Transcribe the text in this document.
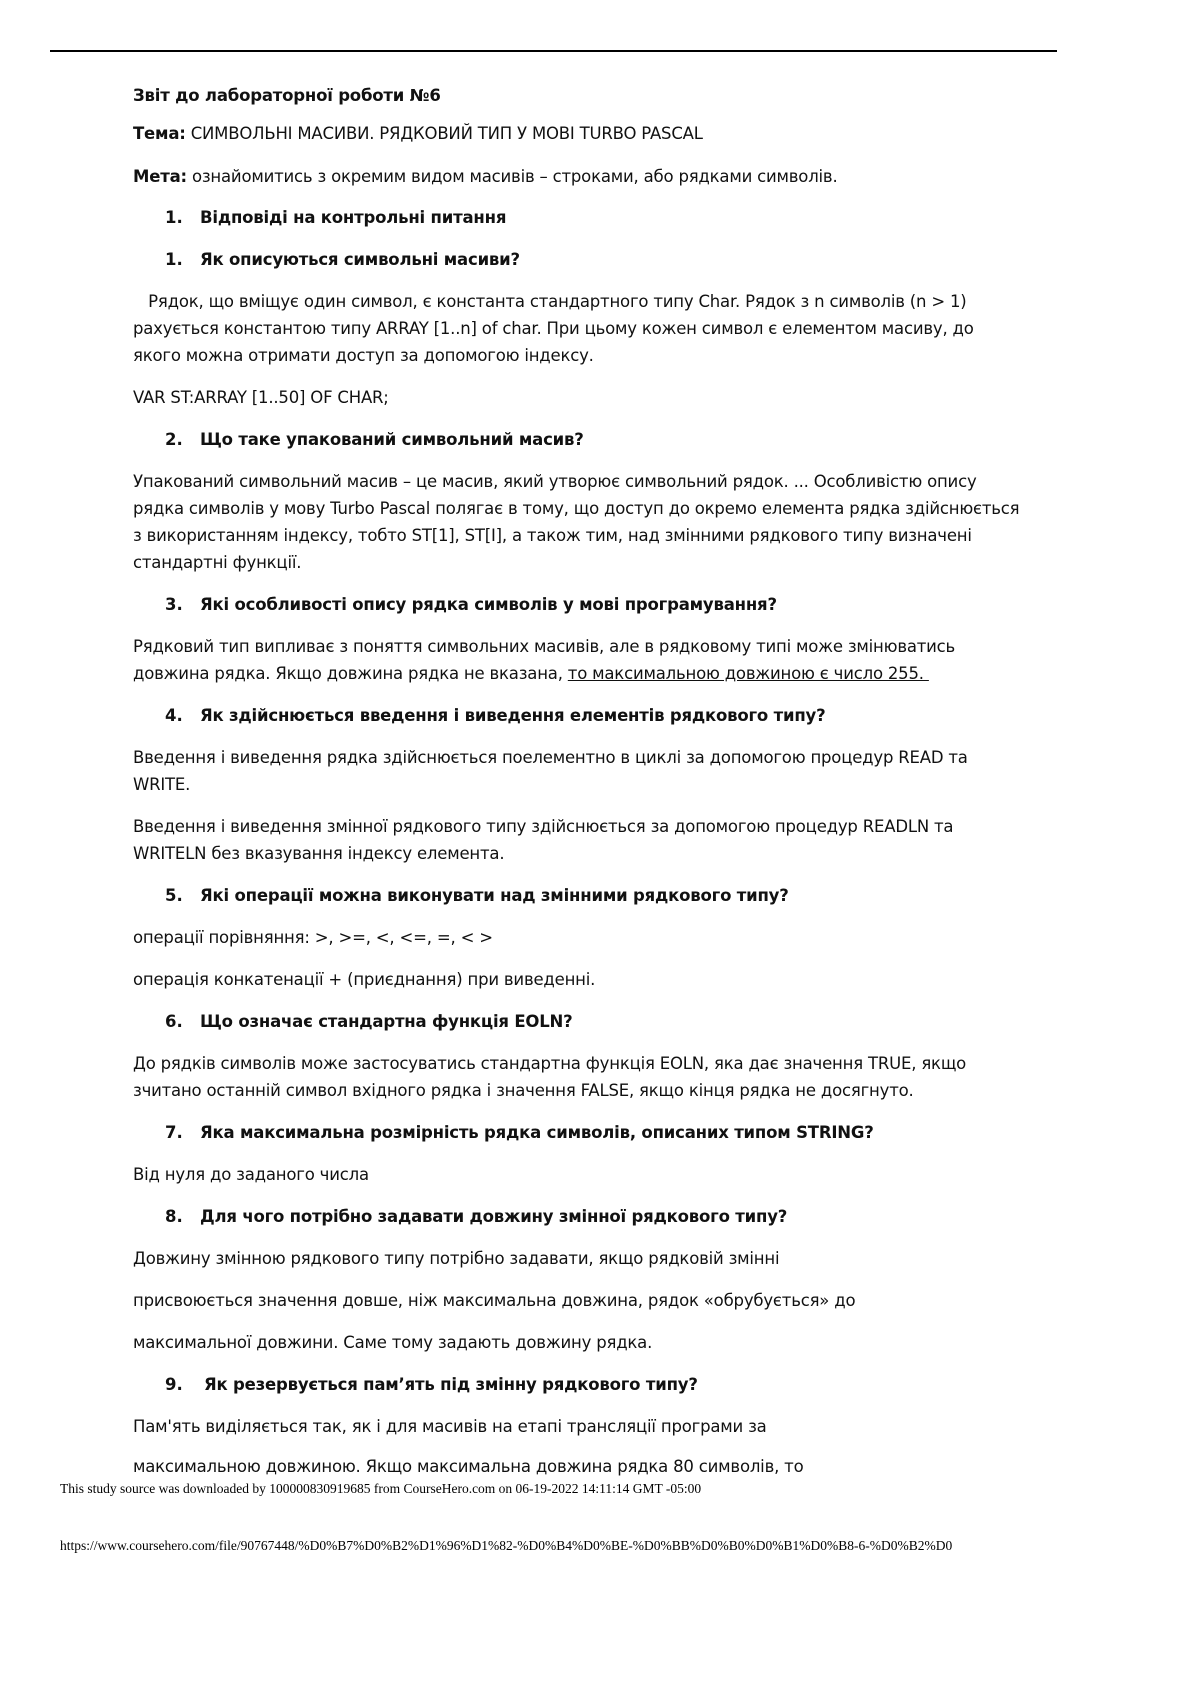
Звіт до лабораторної роботи №6
Тема: СИМВОЛЬНІ МАСИВИ. РЯДКОВИЙ ТИП У МОВІ TURBO PASCAL
Мета: ознайомитись з окремим видом масивів – строками, або рядками символів.
1. Відповіді на контрольні питання
1. Як описуються символьні масиви?
Рядок, що вміщує один символ, є константа стандартного типу Char. Рядок з n символів (n > 1)
рахується константою типу ARRAY [1..n] of char. При цьому кожен символ є елементом масиву, до
якого можна отримати доступ за допомогою індексу.
VAR ST:ARRAY [1..50] OF CHAR;
2. Що таке упакований символьний масив?
Упакований символьний масив – це масив, який утворює символьний рядок. ... Особливістю опису
рядка символів у мову Turbo Pascal полягає в тому, що доступ до окремо елемента рядка здійснюється
з використанням індексу, тобто ST[1], ST[I], а також тим, над змінними рядкового типу визначені
стандартні функції.
3. Які особливості опису рядка символів у мові програмування?
Рядковий тип випливає з поняття символьних масивів, але в рядковому типі може змінюватись
довжина рядка. Якщо довжина рядка не вказана, то максимальною довжиною є число 255.
4. Як здійснюється введення і виведення елементів рядкового типу?
Введення і виведення рядка здійснюється поелементно в циклі за допомогою процедур READ та
WRITE.
Введення і виведення змінної рядкового типу здійснюється за допомогою процедур READLN та
WRITELN без вказування індексу елемента.
5. Які операції можна виконувати над змінними рядкового типу?
операції порівняння: >, >=, <, <=, =, < >
операція конкатенації + (приєднання) при виведенні.
6. Що означає стандартна функція EOLN?
До рядків символів може застосуватись стандартна функція EOLN, яка дає значення TRUE, якщо
зчитано останній символ вхідного рядка і значення FALSE, якщо кінця рядка не досягнуто.
7. Яка максимальна розмірність рядка символів, описаних типом STRING?
Від нуля до заданого числа
8. Для чого потрібно задавати довжину змінної рядкового типу?
Довжину змінною рядкового типу потрібно задавати, якщо рядковій змінні
присвоюється значення довше, ніж максимальна довжина, рядок «обрубується» до
максимальної довжини. Саме тому задають довжину рядка.
9. Як резервується пам’ять під змінну рядкового типу?
Пам'ять виділяється так, як і для масивів на етапі трансляції програми за
максимальною довжиною. Якщо максимальна довжина рядка 80 символів, то
This study source was downloaded by 100000830919685 from CourseHero.com on 06-19-2022 14:11:14 GMT -05:00
https://www.coursehero.com/file/90767448/%D0%B7%D0%B2%D1%96%D1%82-%D0%B4%D0%BE-%D0%BB%D0%B0%D0%B1%D0%B8-6-%D0%B2%D0
